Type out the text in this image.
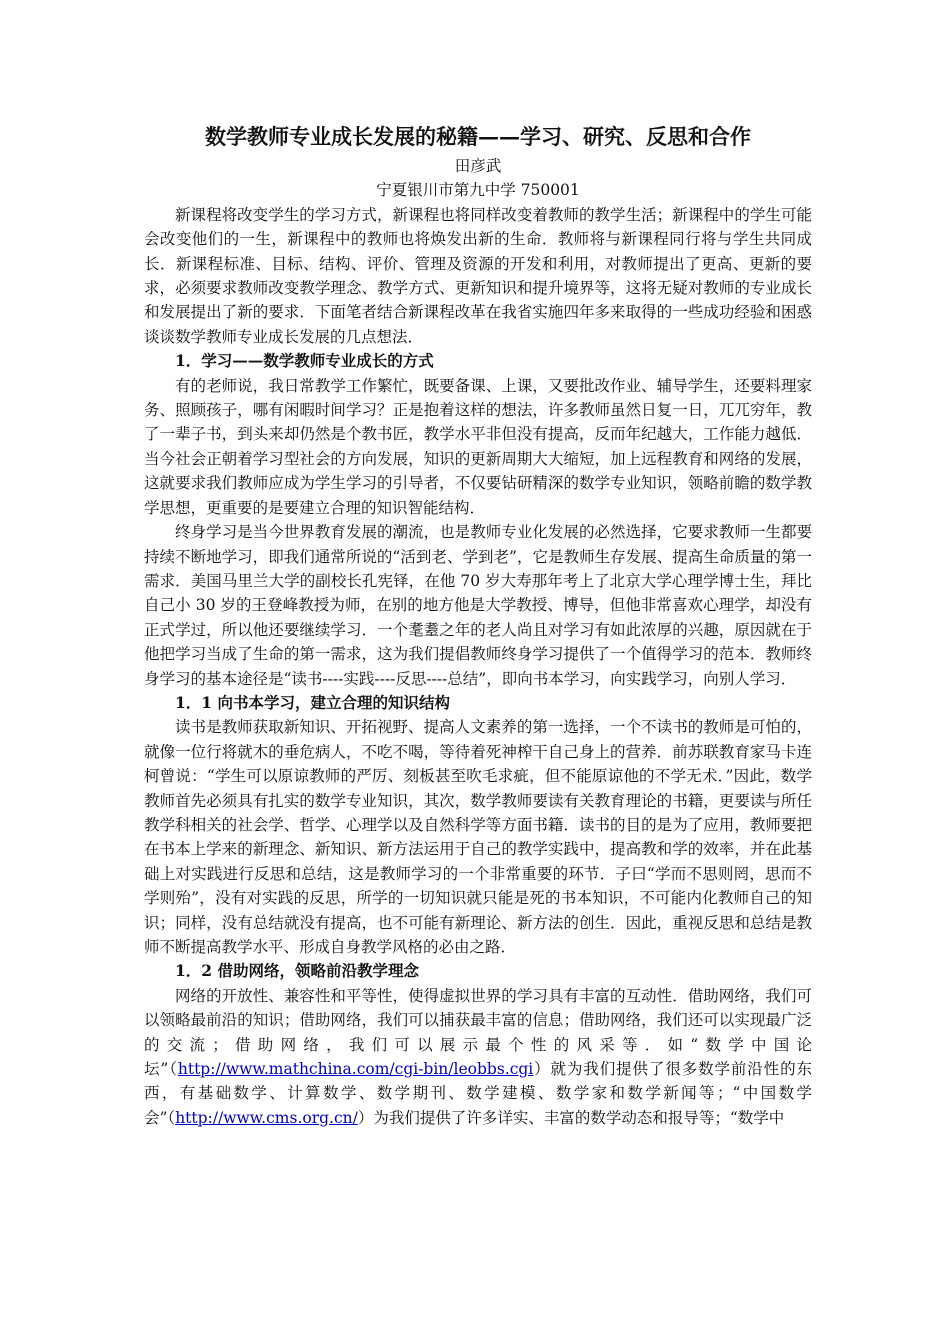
数学教师专业成长发展的秘籍——学习、研究、反思和合作

田彦武

宁夏银川市第九中学 750001

新课程将改变学生的学习方式，新课程也将同样改变着教师的教学生活；新课程中的学生可能会改变他们的一生，新课程中的教师也将焕发出新的生命．教师将与新课程同行将与学生共同成长．新课程标准、目标、结构、评价、管理及资源的开发和利用，对教师提出了更高、更新的要求，必须要求教师改变教学理念、教学方式、更新知识和提升境界等，这将无疑对教师的专业成长和发展提出了新的要求．下面笔者结合新课程改革在我省实施四年多来取得的一些成功经验和困惑谈谈数学教师专业成长发展的几点想法．

1．学习——数学教师专业成长的方式

有的老师说，我日常教学工作繁忙，既要备课、上课，又要批改作业、辅导学生，还要料理家务、照顾孩子，哪有闲暇时间学习？正是抱着这样的想法，许多教师虽然日复一日，兀兀穷年，教了一辈子书，到头来却仍然是个教书匠，教学水平非但没有提高，反而年纪越大，工作能力越低．当今社会正朝着学习型社会的方向发展，知识的更新周期大大缩短，加上远程教育和网络的发展，这就要求我们教师应成为学生学习的引导者，不仅要钻研精深的数学专业知识，领略前瞻的数学教学思想，更重要的是要建立合理的知识智能结构．

终身学习是当今世界教育发展的潮流，也是教师专业化发展的必然选择，它要求教师一生都要持续不断地学习，即我们通常所说的“活到老、学到老”，它是教师生存发展、提高生命质量的第一需求．美国马里兰大学的副校长孔宪铎，在他 70 岁大寿那年考上了北京大学心理学博士生，拜比自己小 30 岁的王登峰教授为师，在别的地方他是大学教授、博导，但他非常喜欢心理学，却没有正式学过，所以他还要继续学习．一个耄耋之年的老人尚且对学习有如此浓厚的兴趣，原因就在于他把学习当成了生命的第一需求，这为我们提倡教师终身学习提供了一个值得学习的范本．教师终身学习的基本途径是“读书----实践----反思----总结”，即向书本学习，向实践学习，向别人学习．

1．1 向书本学习，建立合理的知识结构

读书是教师获取新知识、开拓视野、提高人文素养的第一选择，一个不读书的教师是可怕的，就像一位行将就木的垂危病人，不吃不喝，等待着死神榨干自己身上的营养．前苏联教育家马卡连柯曾说：“学生可以原谅教师的严厉、刻板甚至吹毛求疵，但不能原谅他的不学无术．”因此，数学教师首先必须具有扎实的数学专业知识，其次，数学教师要读有关教育理论的书籍，更要读与所任教学科相关的社会学、哲学、心理学以及自然科学等方面书籍．读书的目的是为了应用，教师要把在书本上学来的新理念、新知识、新方法运用于自己的教学实践中，提高教和学的效率，并在此基础上对实践进行反思和总结，这是教师学习的一个非常重要的环节．子曰“学而不思则罔，思而不学则殆”，没有对实践的反思，所学的一切知识就只能是死的书本知识，不可能内化教师自己的知识；同样，没有总结就没有提高，也不可能有新理论、新方法的创生．因此，重视反思和总结是教师不断提高教学水平、形成自身教学风格的必由之路．

1．2 借助网络，领略前沿教学理念

网络的开放性、兼容性和平等性，使得虚拟世界的学习具有丰富的互动性．借助网络，我们可以领略最前沿的知识；借助网络，我们可以捕获最丰富的信息；借助网络，我们还可以实现最广泛的交流；借助网络，我们可以展示最个性的风采等．如“数学中国论坛”（http://www.mathchina.com/cgi-bin/leobbs.cgi）就为我们提供了很多数学前沿性的东西，有基础数学、计算数学、数学期刊、数学建模、数学家和数学新闻等；“中国数学会”（http://www.cms.org.cn/）为我们提供了许多详实、丰富的数学动态和报导等；“数学中
